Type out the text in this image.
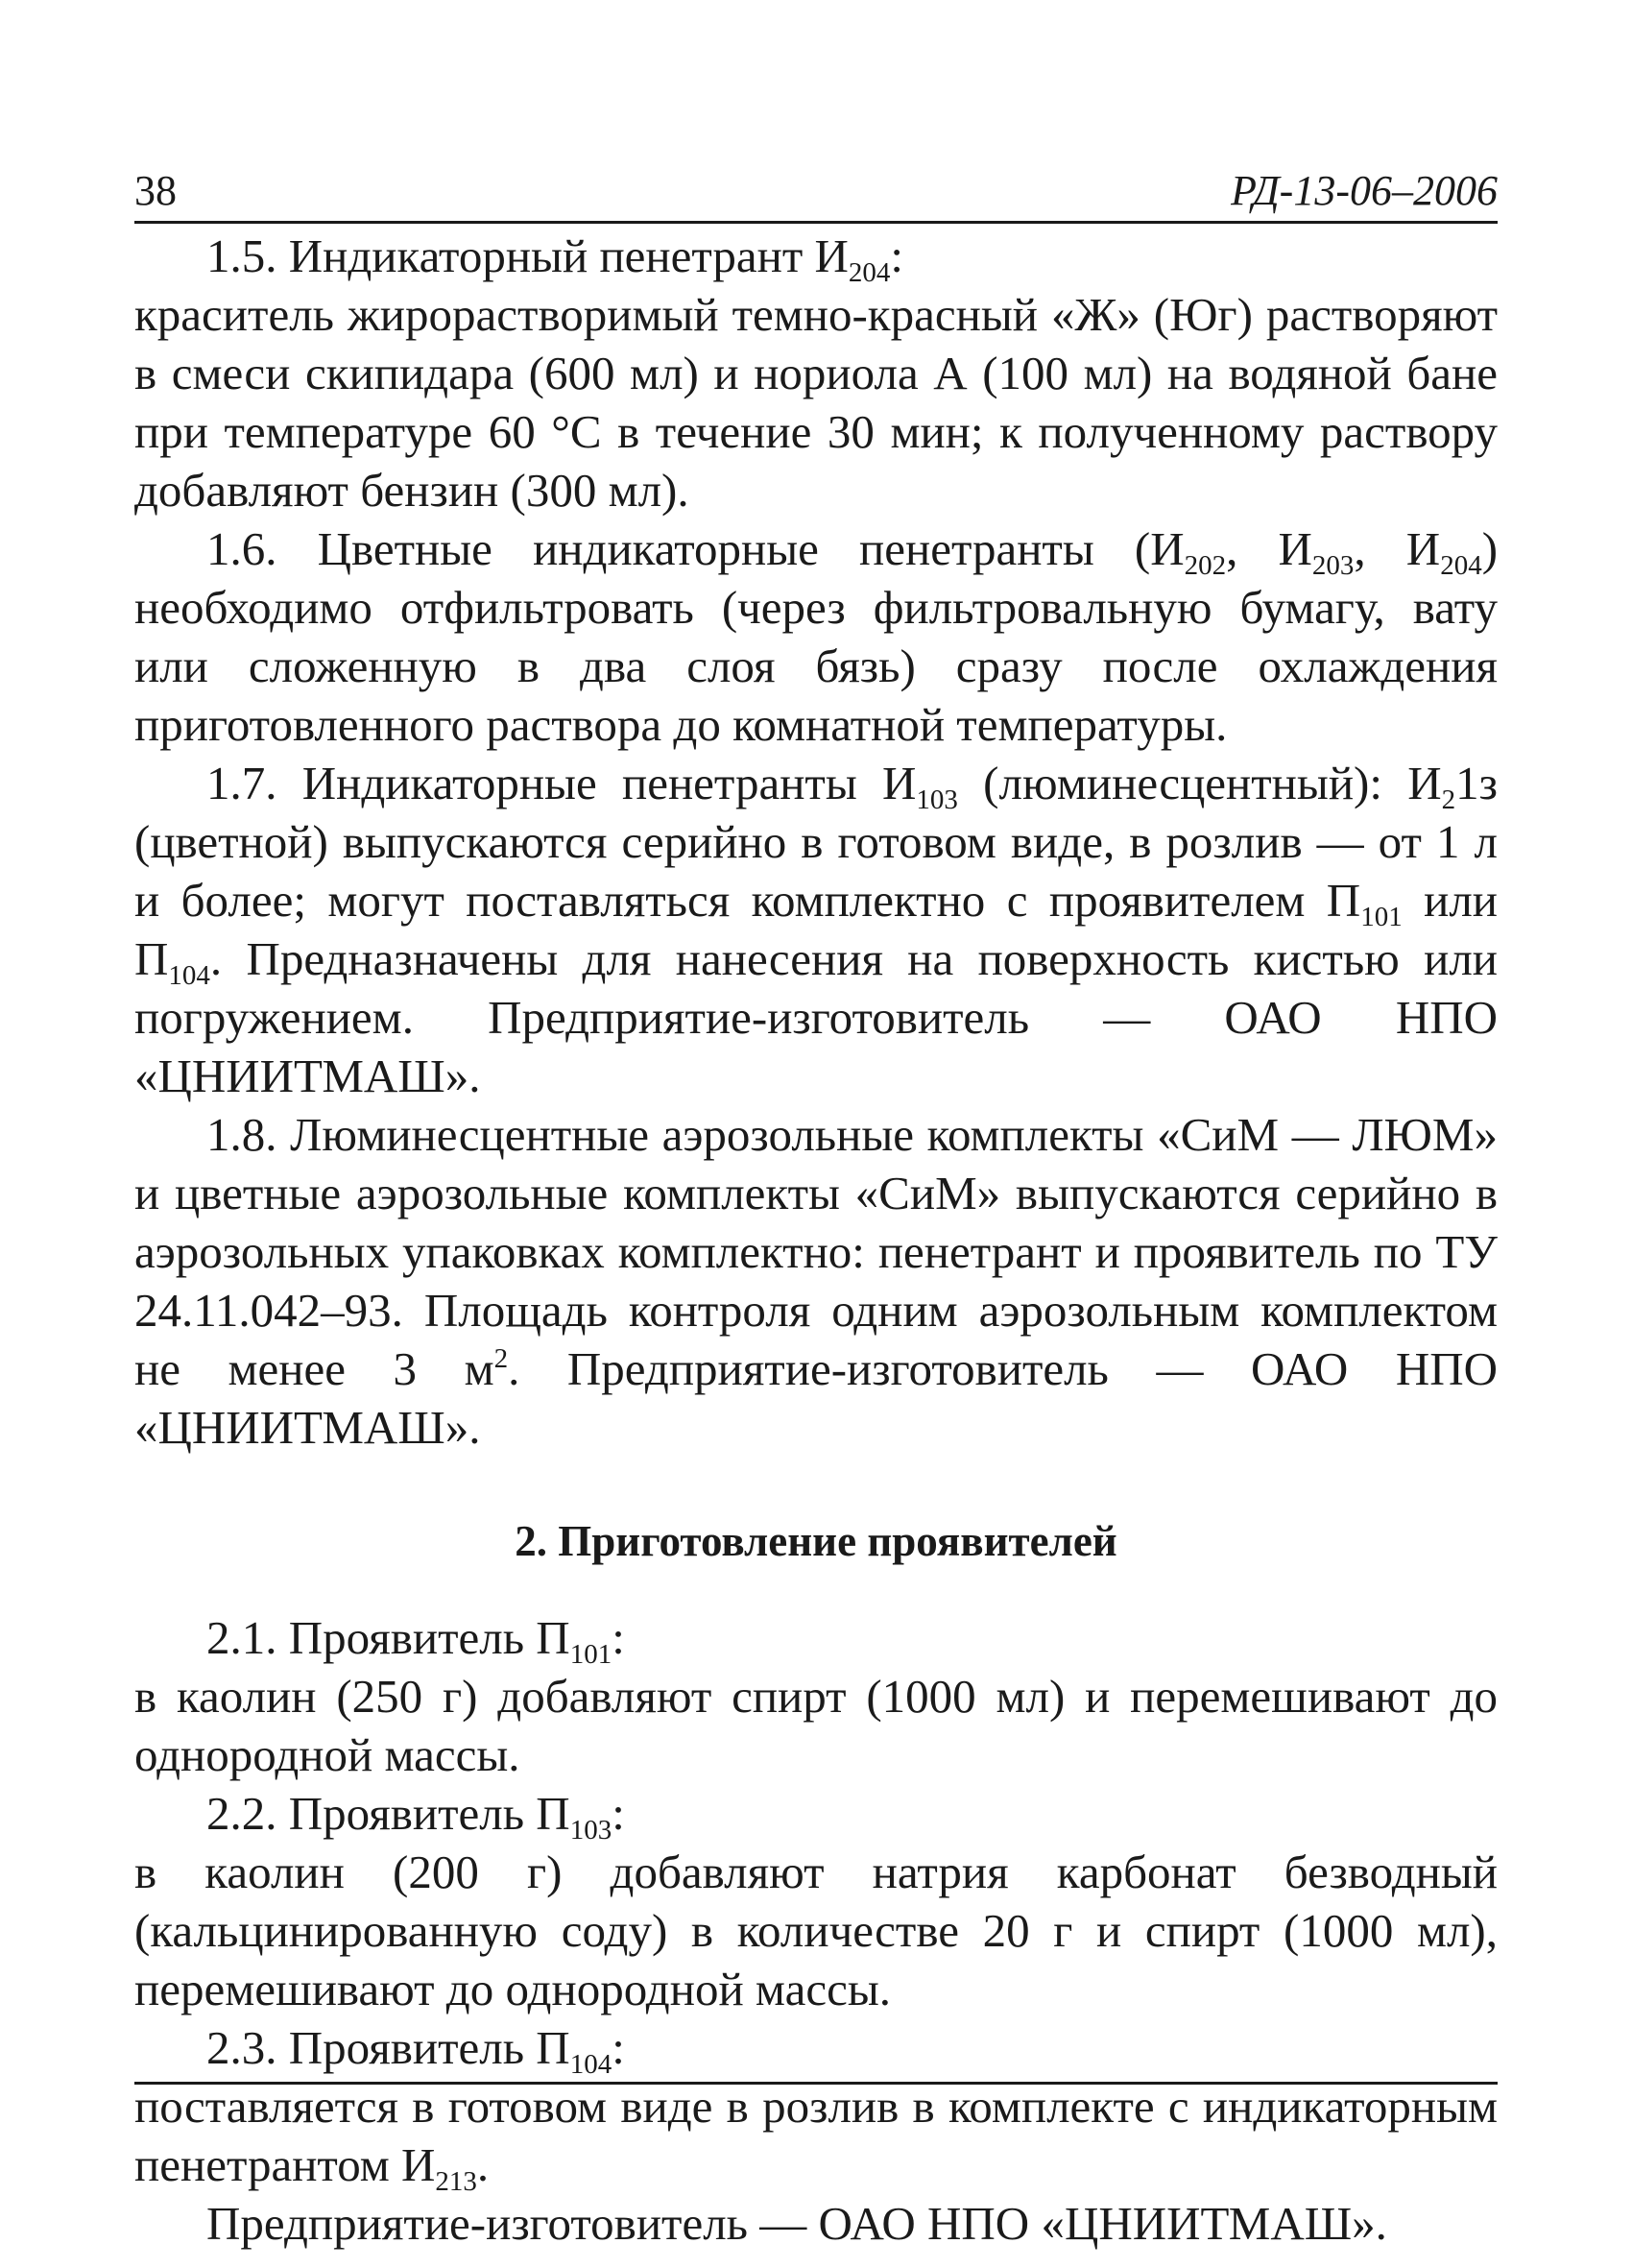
38	РД-13-06–2006

1.5. Индикаторный пенетрант $И_{204}$:

краситель жирорастворимый темно-красный «Ж» (Юг) растворяют в смеси скипидара (600 мл) и нориола А (100 мл) на водяной бане при температуре 60 °С в течение 30 мин; к полученному раствору добавляют бензин (300 мл).

1.6. Цветные индикаторные пенетранты ($И_{202}$, $И_{203}$, $И_{204}$) необходимо отфильтровать (через фильтровальную бумагу, вату или сложенную в два слоя бязь) сразу после охлаждения приготовленного раствора до комнатной температуры.

1.7. Индикаторные пенетранты $И_{103}$ (люминесцентный): $И_21з$ (цветной) выпускаются серийно в готовом виде, в розлив — от 1 л и более; могут поставляться комплектно с проявителем $П_{101}$ или $П_{104}$. Предназначены для нанесения на поверхность кистью или погружением. Предприятие-изготовитель — ОАО НПО «ЦНИИТМАШ».

1.8. Люминесцентные аэрозольные комплекты «СиМ — ЛЮМ» и цветные аэрозольные комплекты «СиМ» выпускаются серийно в аэрозольных упаковках комплектно: пенетрант и проявитель по ТУ 24.11.042–93. Площадь контроля одним аэрозольным комплектом не менее 3 $м^2$. Предприятие-изготовитель — ОАО НПО «ЦНИИТМАШ».

2. Приготовление проявителей

2.1. Проявитель $П_{101}$:

в каолин (250 г) добавляют спирт (1000 мл) и перемешивают до однородной массы.

2.2. Проявитель $П_{103}$:

в каолин (200 г) добавляют натрия карбонат безводный (кальцинированную соду) в количестве 20 г и спирт (1000 мл), перемешивают до однородной массы.

2.3. Проявитель $П_{104}$:

поставляется в готовом виде в розлив в комплекте с индикаторным пенетрантом $И_{213}$.

Предприятие-изготовитель — ОАО НПО «ЦНИИТМАШ».
